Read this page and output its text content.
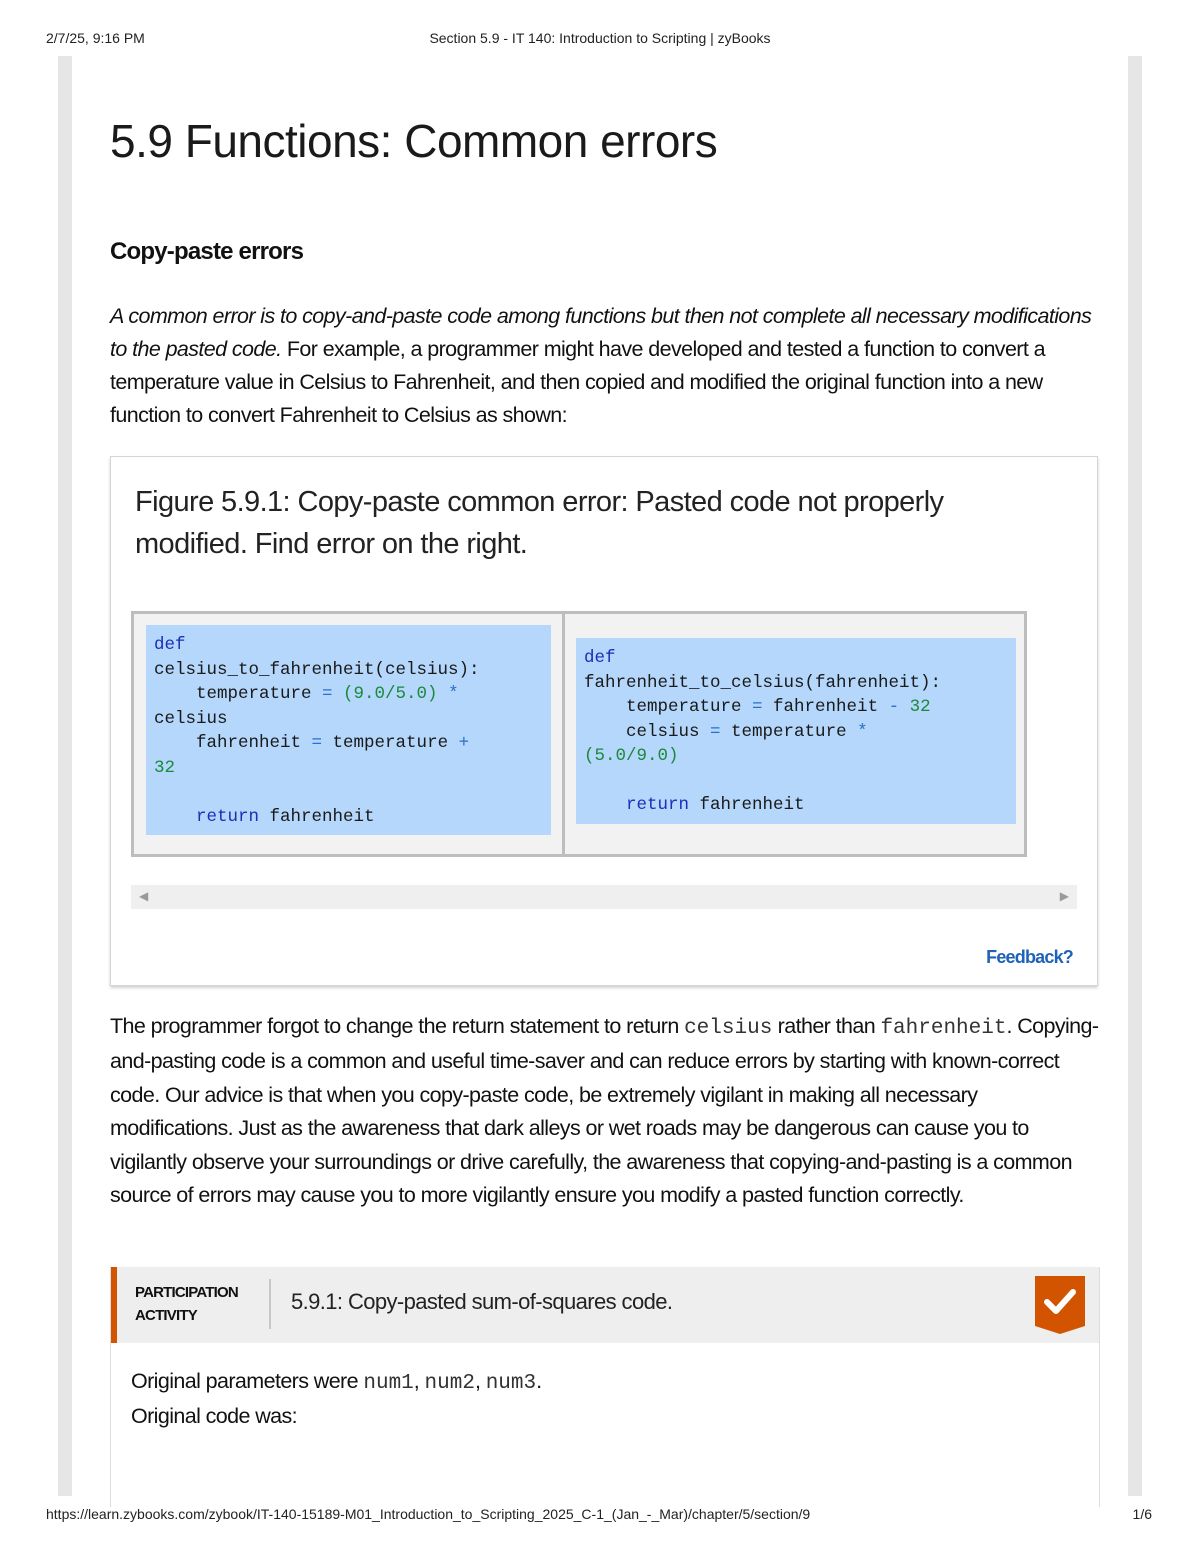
2/7/25, 9:16 PM	Section 5.9 - IT 140: Introduction to Scripting | zyBooks
5.9 Functions: Common errors
Copy-paste errors

A common error is to copy-and-paste code among functions but then not complete all necessary modifications to the pasted code. For example, a programmer might have developed and tested a function to convert a temperature value in Celsius to Fahrenheit, and then copied and modified the original function into a new function to convert Fahrenheit to Celsius as shown:

Figure 5.9.1: Copy-paste common error: Pasted code not properly modified. Find error on the right.
def
celsius_to_fahrenheit(celsius):
temperature = (9.0/5.0) *
celsius
fahrenheit = temperature +
32

return fahrenheit
def
fahrenheit_to_celsius(fahrenheit):
temperature = fahrenheit - 32
celsius = temperature *
(5.0/9.0)

return fahrenheit
◀	▶
Feedback?

The programmer forgot to change the return statement to return celsius rather than fahrenheit. Copying-and-pasting code is a common and useful time-saver and can reduce errors by starting with known-correct code. Our advice is that when you copy-paste code, be extremely vigilant in making all necessary modifications. Just as the awareness that dark alleys or wet roads may be dangerous can cause you to vigilantly observe your surroundings or drive carefully, the awareness that copying-and-pasting is a common source of errors may cause you to more vigilantly ensure you modify a pasted function correctly.

PARTICIPATION
ACTIVITY
5.9.1: Copy-pasted sum-of-squares code.

Original parameters were num1, num2, num3.
Original code was:

https://learn.zybooks.com/zybook/IT-140-15189-M01_Introduction_to_Scripting_2025_C-1_(Jan_-_Mar)/chapter/5/section/9	1/6
